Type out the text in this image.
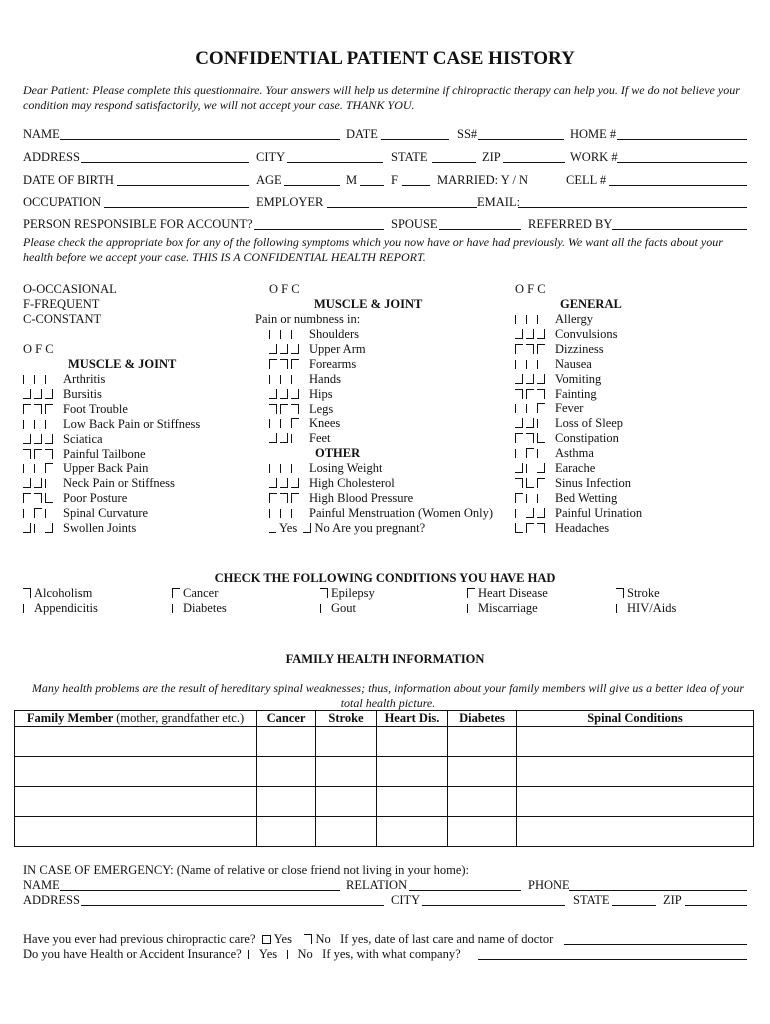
CONFIDENTIAL PATIENT CASE HISTORY
Dear Patient: Please complete this questionnaire. Your answers will help us determine if chiropractic therapy can help you. If we do not believe your condition may respond satisfactorily, we will not accept your case. THANK YOU.
NAME	DATE	SS#	HOME #
ADDRESS	CITY	STATE	ZIP	WORK #
DATE OF BIRTH	AGE	M	F	MARRIED: Y / N	CELL #
OCCUPATION	EMPLOYER	EMAIL:
PERSON RESPONSIBLE FOR ACCOUNT?	SPOUSE	REFERRED BY
Please check the appropriate box for any of the following symptoms which you now have or have had previously. We want all the facts about your health before we accept your case. THIS IS A CONFIDENTIAL HEALTH REPORT.
O-OCCASIONAL
F-FREQUENT
C-CONSTANT
O F C
MUSCLE & JOINT
Arthritis
Bursitis
Foot Trouble
Low Back Pain or Stiffness
Sciatica
Painful Tailbone
Upper Back Pain
Neck Pain or Stiffness
Poor Posture
Spinal Curvature
Swollen Joints
O F C
MUSCLE & JOINT
Pain or numbness in:
Shoulders
Upper Arm
Forearms
Hands
Hips
Legs
Knees
Feet
OTHER
Losing Weight
High Cholesterol
High Blood Pressure
Painful Menstruation (Women Only)
Yes No Are you pregnant?
O F C
GENERAL
Allergy
Convulsions
Dizziness
Nausea
Vomiting
Fainting
Fever
Loss of Sleep
Constipation
Asthma
Earache
Sinus Infection
Bed Wetting
Painful Urination
Headaches
CHECK THE FOLLOWING CONDITIONS YOU HAVE HAD
Alcoholism	Cancer	Epilepsy	Heart Disease	Stroke
Appendicitis	Diabetes	Gout	Miscarriage	HIV/Aids
FAMILY HEALTH INFORMATION
Many health problems are the result of hereditary spinal weaknesses; thus, information about your family members will give us a better idea of your total health picture.
Family Member (mother, grandfather etc.)	Cancer	Stroke	Heart Dis.	Diabetes	Spinal Conditions

IN CASE OF EMERGENCY: (Name of relative or close friend not living in your home):
NAME	RELATION	PHONE
ADDRESS	CITY	STATE	ZIP
Have you ever had previous chiropractic care? Yes No If yes, date of last care and name of doctor
Do you have Health or Accident Insurance? Yes No If yes, with what company?
